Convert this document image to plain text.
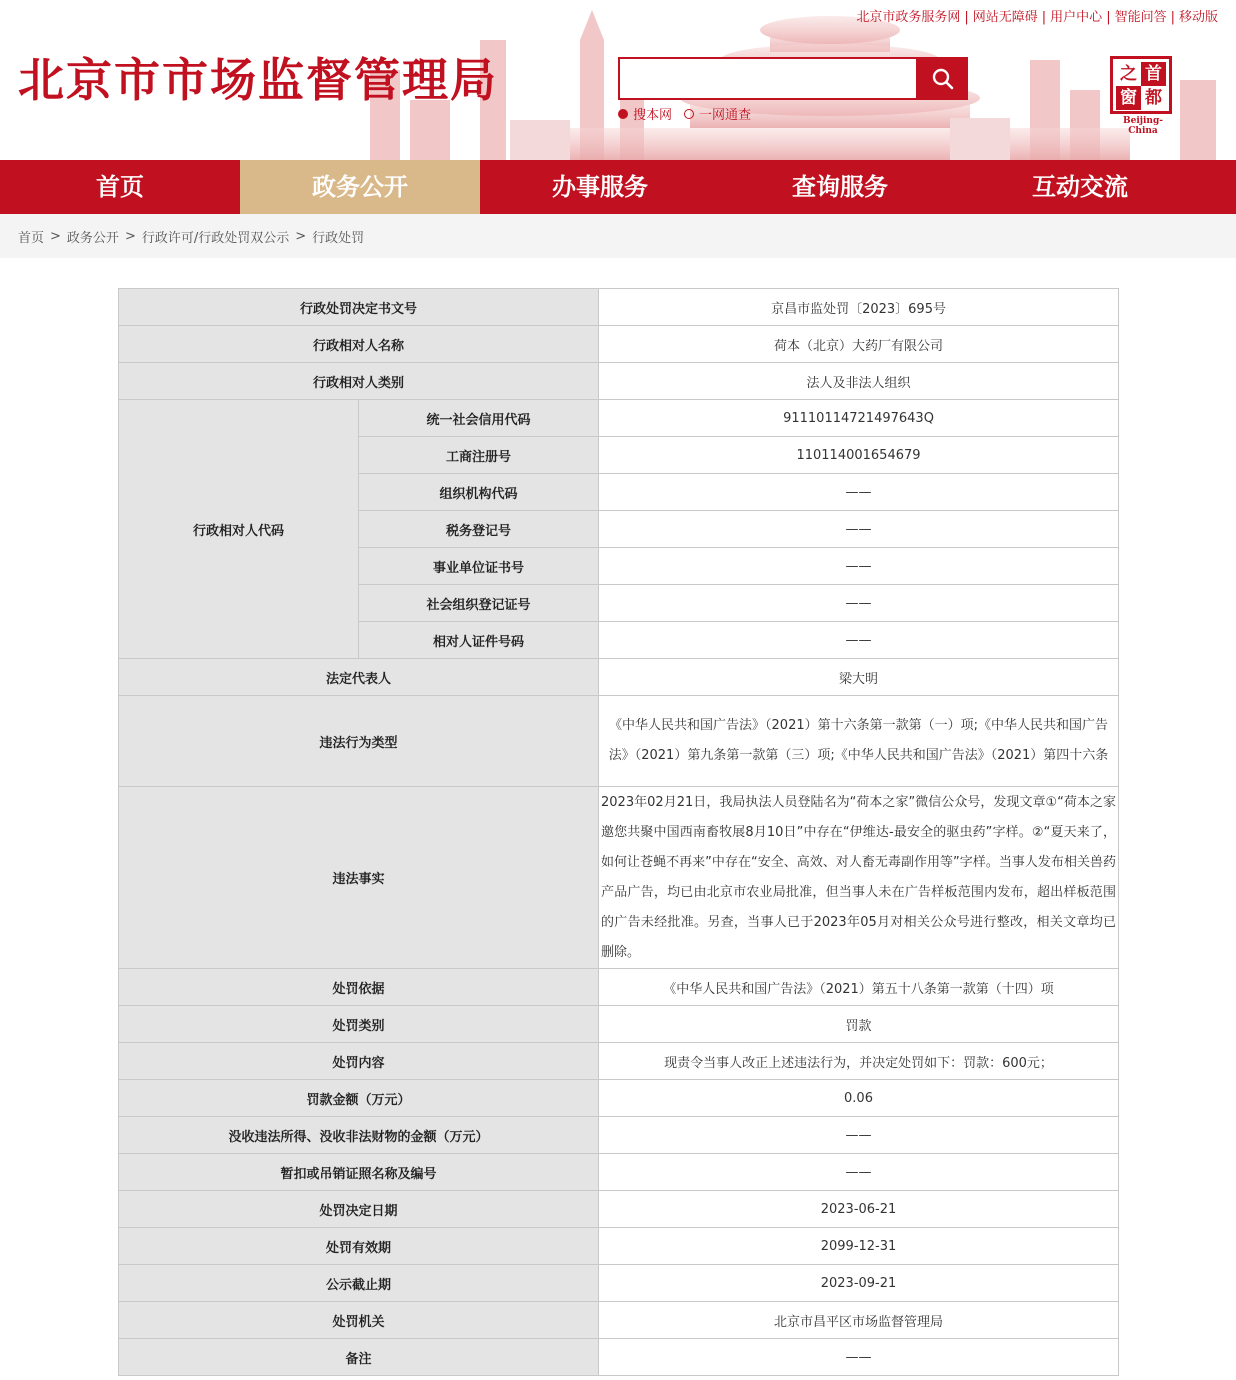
北京市市场监督管理局
北京市政务服务网 | 网站无障碍 | 用户中心 | 智能问答 | 移动版
搜本网 一网通查
之 首
窗 都
Beijing-China
首页	政务公开	办事服务	查询服务	互动交流
首页 > 政务公开 > 行政许可/行政处罚双公示 > 行政处罚
行政处罚决定书文号		京昌市监处罚〔2023〕695号
行政相对人名称		荷本（北京）大药厂有限公司
行政相对人类别		法人及非法人组织
行政相对人代码	统一社会信用代码	91110114721497643Q
	工商注册号	110114001654679
	组织机构代码	——
	税务登记号	——
	事业单位证书号	——
	社会组织登记证号	——
	相对人证件号码	——
法定代表人		梁大明
违法行为类型		《中华人民共和国广告法》（2021）第十六条第一款第（一）项;《中华人民共和国广告法》（2021）第九条第一款第（三）项;《中华人民共和国广告法》（2021）第四十六条
违法事实		2023年02月21日，我局执法人员登陆名为“荷本之家”微信公众号，发现文章①“荷本之家邀您共聚中国西南畜牧展8月10日”中存在“伊维达-最安全的驱虫药”字样。②“夏天来了，如何让苍蝇不再来”中存在“安全、高效、对人畜无毒副作用等”字样。当事人发布相关兽药产品广告，均已由北京市农业局批准，但当事人未在广告样板范围内发布，超出样板范围的广告未经批准。另查，当事人已于2023年05月对相关公众号进行整改，相关文章均已删除。
处罚依据		《中华人民共和国广告法》（2021）第五十八条第一款第（十四）项
处罚类别		罚款
处罚内容		现责令当事人改正上述违法行为，并决定处罚如下：罚款：600元；
罚款金额（万元）		0.06
没收违法所得、没收非法财物的金额（万元）		——
暂扣或吊销证照名称及编号		——
处罚决定日期		2023-06-21
处罚有效期		2099-12-31
公示截止期		2023-09-21
处罚机关		北京市昌平区市场监督管理局
备注		——
